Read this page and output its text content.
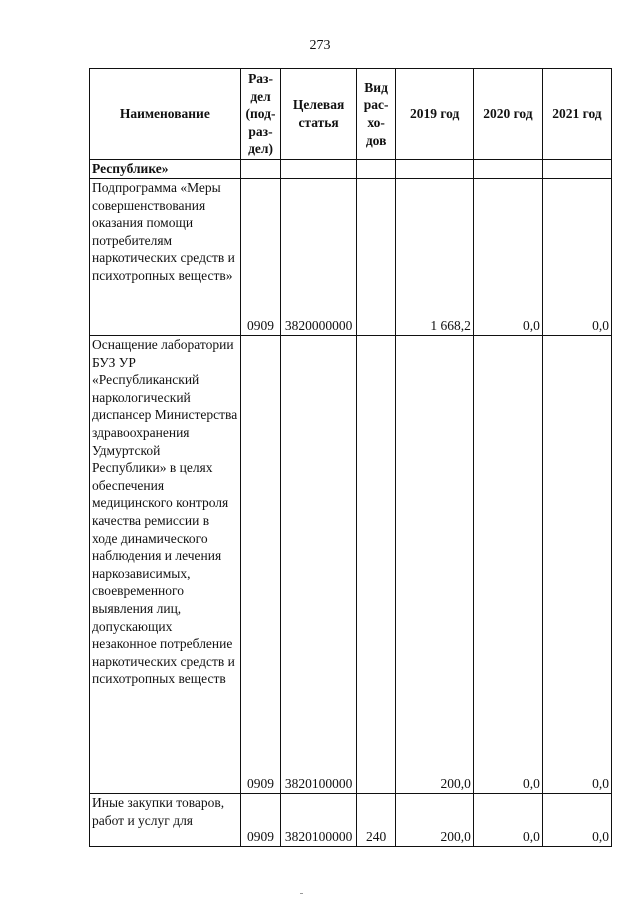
273
Наименование	Раз-
дел
(под-
раз-
дел)	Целевая
статья	Вид
рас-
хо-
дов	2019 год	2020 год	2021 год
Республике»						
Подпрограмма «Меры совершенствования оказания помощи потребителям наркотических средств и психотропных веществ»	0909	3820000000		1 668,2	0,0	0,0
Оснащение лаборатории БУЗ УР «Республиканский наркологический диспансер Министерства здравоохранения Удмуртской Республики» в целях обеспечения медицинского контроля качества ремиссии в ходе динамического наблюдения и лечения наркозависимых, своевременного выявления лиц, допускающих незаконное потребление наркотических средств и психотропных веществ	0909	3820100000		200,0	0,0	0,0
Иные закупки товаров, работ и услуг для	0909	3820100000	240	200,0	0,0	0,0
